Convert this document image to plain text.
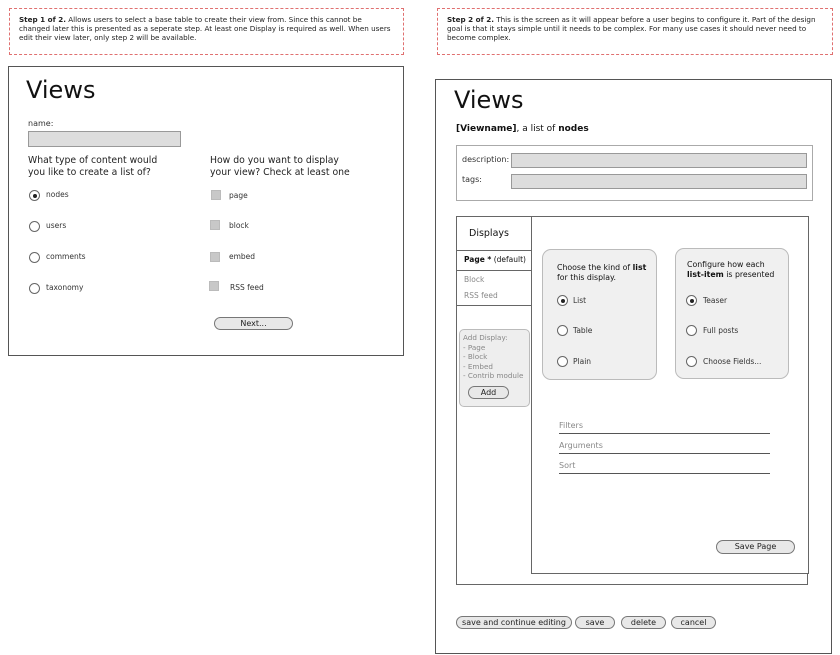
Step 1 of 2. Allows users to select a base table to create their view from. Since this cannot be changed later this is presented as a seperate step. At least one Display is required as well. When users edit their view later, only step 2 will be available.
Views
name:
What type of content would
you like to create a list of?
How do you want to display
your view? Check at least one
nodes
users
comments
taxonomy
page
block
embed
RSS feed
Next...
Step 2 of 2. This is the screen as it will appear before a user begins to configure it. Part of the design goal is that it stays simple until it needs to be complex. For many use cases it should never need to become complex.
Views
[Viewname], a list of nodes
description:
tags:
Displays
Page * (default)
Block
RSS feed
Add Display:
- Page
- Block
- Embed
- Contrib module
Add
Choose the kind of list
for this display.
List
Table
Plain
Configure how each
list-item is presented
Teaser
Full posts
Choose Fields...
Filters
Arguments
Sort
Save Page
save and continue editing	save	delete	cancel
